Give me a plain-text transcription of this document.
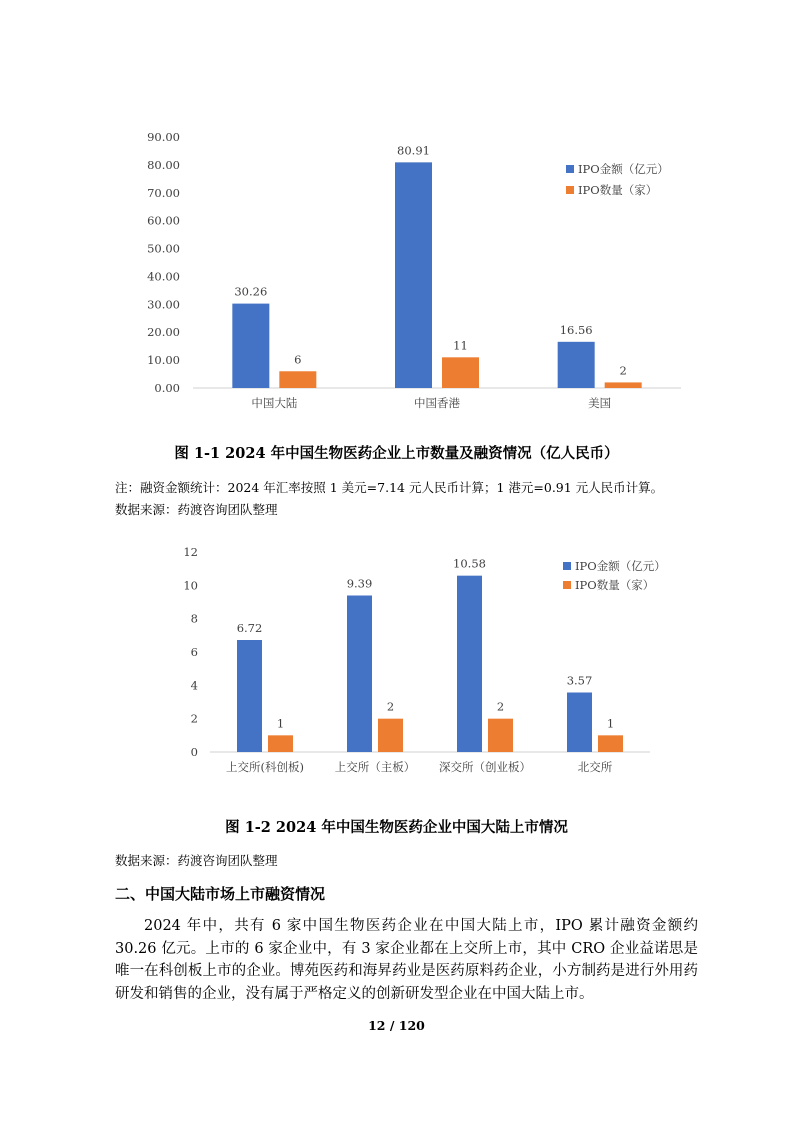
0.00
10.00
20.00
30.00
40.00
50.00
60.00
70.00
80.00
90.00
30.26
6
中国大陆
80.91
11
中国香港
16.56
2
美国
IPO金额（亿元）
IPO数量（家）
图 1-1 2024 年中国生物医药企业上市数量及融资情况（亿人民币）
注：融资金额统计：2024 年汇率按照 1 美元=7.14 元人民币计算；1 港元=0.91 元人民币计算。
数据来源：药渡咨询团队整理
0
2
4
6
8
10
12
6.72
1
上交所(科创板)
9.39
2
上交所（主板）
10.58
2
深交所（创业板）
3.57
1
北交所
IPO金额（亿元）
IPO数量（家）
图 1-2 2024 年中国生物医药企业中国大陆上市情况
数据来源：药渡咨询团队整理
二、中国大陆市场上市融资情况
2024 年中，共有 6 家中国生物医药企业在中国大陆上市，IPO 累计融资金额约 30.26 亿元。上市的 6 家企业中，有 3 家企业都在上交所上市，其中 CRO 企业益诺思是唯一在科创板上市的企业。博苑医药和海昇药业是医药原料药企业，小方制药是进行外用药研发和销售的企业，没有属于严格定义的创新研发型企业在中国大陆上市。
12 / 120
